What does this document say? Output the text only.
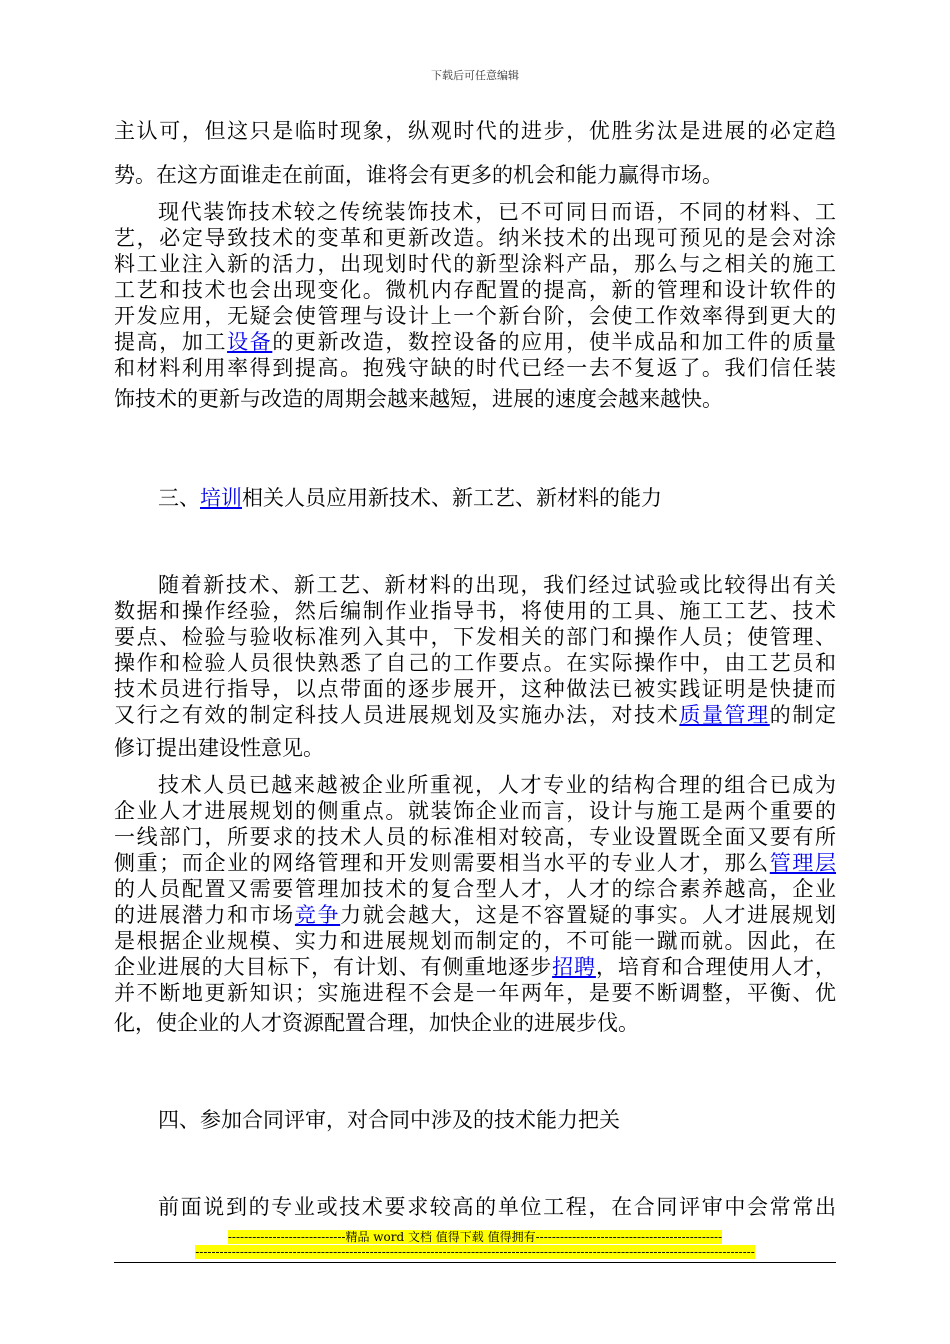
下载后可任意编辑
主认可，但这只是临时现象，纵观时代的进步，优胜劣汰是进展的必定趋
势。在这方面谁走在前面，谁将会有更多的机会和能力赢得市场。
现代装饰技术较之传统装饰技术，已不可同日而语，不同的材料、工
艺，必定导致技术的变革和更新改造。纳米技术的出现可预见的是会对涂
料工业注入新的活力，出现划时代的新型涂料产品，那么与之相关的施工
工艺和技术也会出现变化。微机内存配置的提高，新的管理和设计软件的
开发应用，无疑会使管理与设计上一个新台阶，会使工作效率得到更大的
提高，加工设备的更新改造，数控设备的应用，使半成品和加工件的质量
和材料利用率得到提高。抱残守缺的时代已经一去不复返了。我们信任装
饰技术的更新与改造的周期会越来越短，进展的速度会越来越快。
三、培训相关人员应用新技术、新工艺、新材料的能力
随着新技术、新工艺、新材料的出现，我们经过试验或比较得出有关
数据和操作经验，然后编制作业指导书，将使用的工具、施工工艺、技术
要点、检验与验收标准列入其中，下发相关的部门和操作人员；使管理、
操作和检验人员很快熟悉了自己的工作要点。在实际操作中，由工艺员和
技术员进行指导，以点带面的逐步展开，这种做法已被实践证明是快捷而
又行之有效的制定科技人员进展规划及实施办法，对技术质量管理的制定
修订提出建设性意见。
技术人员已越来越被企业所重视，人才专业的结构合理的组合已成为
企业人才进展规划的侧重点。就装饰企业而言，设计与施工是两个重要的
一线部门，所要求的技术人员的标准相对较高，专业设置既全面又要有所
侧重；而企业的网络管理和开发则需要相当水平的专业人才，那么管理层
的人员配置又需要管理加技术的复合型人才，人才的综合素养越高，企业
的进展潜力和市场竞争力就会越大，这是不容置疑的事实。人才进展规划
是根据企业规模、实力和进展规划而制定的，不可能一蹴而就。因此，在
企业进展的大目标下，有计划、有侧重地逐步招聘，培育和合理使用人才，
并不断地更新知识；实施进程不会是一年两年，是要不断调整，平衡、优
化，使企业的人才资源配置合理，加快企业的进展步伐。
四、参加合同评审，对合同中涉及的技术能力把关
前面说到的专业或技术要求较高的单位工程，在合同评审中会常常出
-----------------------------精品 word 文档 值得下载 值得拥有----------------------------------------------
------------------------------------------------------------------------------------------------------------------------------------------
